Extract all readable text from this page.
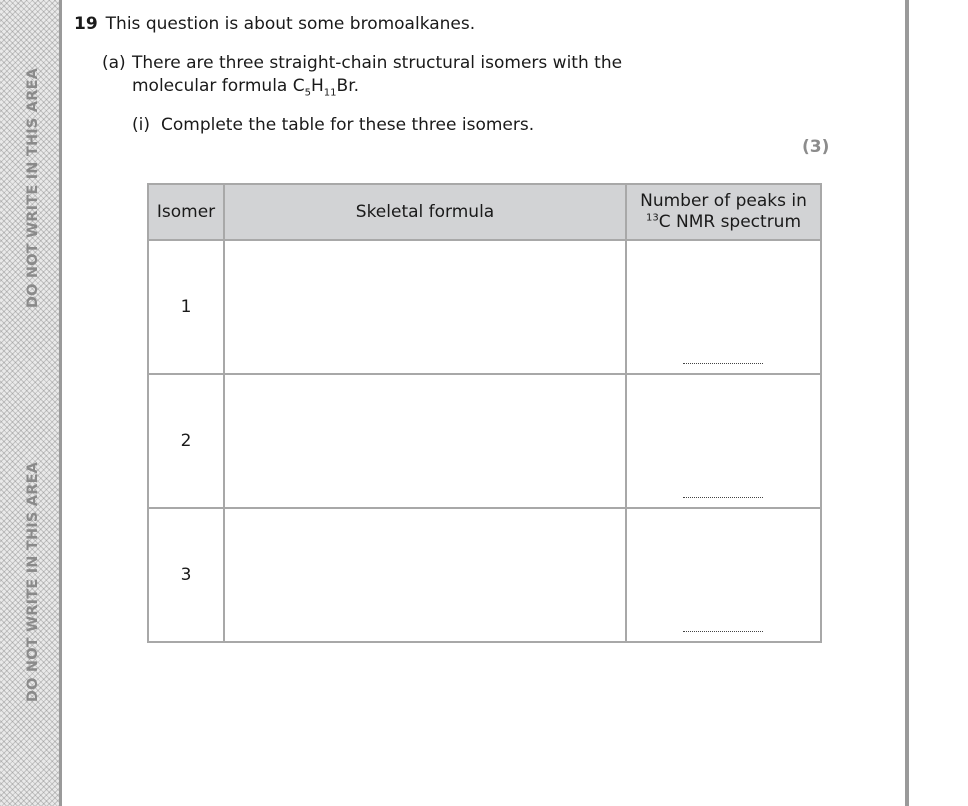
DO NOT WRITE IN THIS AREA
DO NOT WRITE IN THIS AREA
19 This question is about some bromoalkanes.
(a) There are three straight-chain structural isomers with the
molecular formula $C_5H_{11}Br$.
(i) Complete the table for these three isomers.
(3)
Isomer	Skeletal formula	Number of peaks in
$^{13}$C NMR spectrum
1		

2		

3		
